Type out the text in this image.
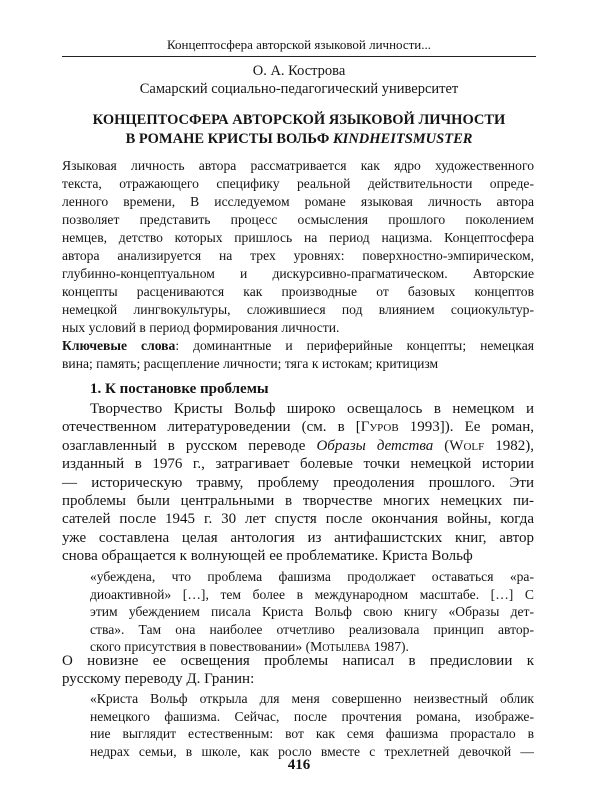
Концептосфера авторской языковой личности...
О. А. Кострова
Самарский социально-педагогический университет
КОНЦЕПТОСФЕРА АВТОРСКОЙ ЯЗЫКОВОЙ ЛИЧНОСТИ
В РОМАНЕ КРИСТЫ ВОЛЬФ KINDHEITSMUSTER
Языковая личность автора рассматривается как ядро художественного
текста, отражающего специфику реальной действительности опреде-
ленного времени, В исследуемом романе языковая личность автора
позволяет представить процесс осмысления прошлого поколением
немцев, детство которых пришлось на период нацизма. Концептосфера
автора анализируется на трех уровнях: поверхностно-эмпирическом,
глубинно-концептуальном и дискурсивно-прагматическом. Авторские
концепты расцениваются как производные от базовых концептов
немецкой лингвокультуры, сложившиеся под влиянием социокультур-
ных условий в период формирования личности.
Ключевые слова: доминантные и периферийные концепты; немецкая
вина; память; расщепление личности; тяга к истокам; критицизм
1. К постановке проблемы
Творчество Кристы Вольф широко освещалось в немецком и
отечественном литературоведении (см. в [Гуров 1993]). Ее роман,
озаглавленный в русском переводе Образы детства (Wolf 1982),
изданный в 1976 г., затрагивает болевые точки немецкой истории
— историческую травму, проблему преодоления прошлого. Эти
проблемы были центральными в творчестве многих немецких пи-
сателей после 1945 г. 30 лет спустя после окончания войны, когда
уже составлена целая антология из антифашистских книг, автор
снова обращается к волнующей ее проблематике. Криста Вольф
«убеждена, что проблема фашизма продолжает оставаться «ра-
диоактивной» […], тем более в международном масштабе. […] С
этим убеждением писала Криста Вольф свою книгу «Образы дет-
ства». Там она наиболее отчетливо реализовала принцип автор-
ского присутствия в повествовании» (Мотылева 1987).
О новизне ее освещения проблемы написал в предисловии к
русскому переводу Д. Гранин:
«Криста Вольф открыла для меня совершенно неизвестный облик
немецкого фашизма. Сейчас, после прочтения романа, изображе-
ние выглядит естественным: вот как семя фашизма прорастало в
недрах семьи, в школе, как росло вместе с трехлетней девочкой —
416
